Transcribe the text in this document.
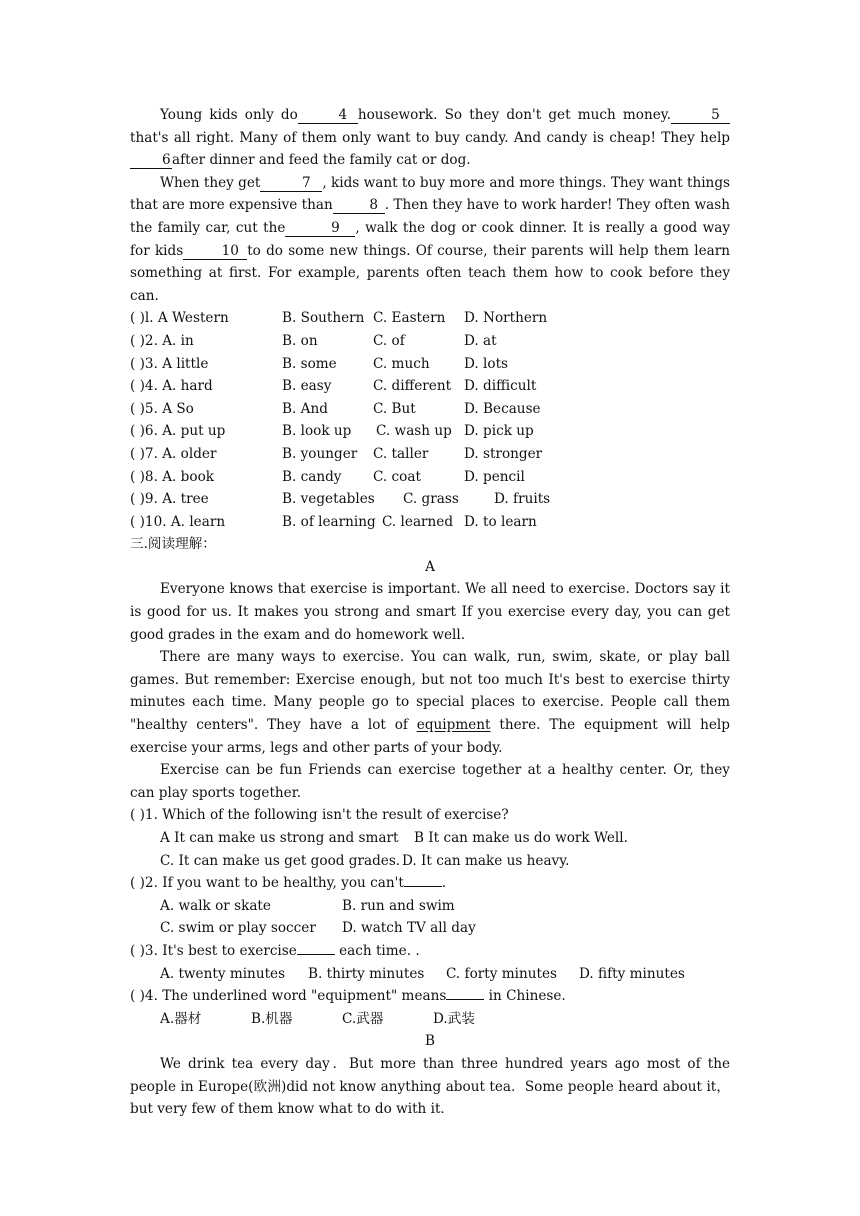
Young kids only do	4 housework. So they don't get much money.	5that's all right. Many of them only want to buy candy. And candy is cheap! They help6after dinner and feed the family cat or dog.

When they get	7 , kids want to buy more and more things. They want things that are more expensive than	8 . Then they have to work harder! They often wash the family car, cut the	9 , walk the dog or cook dinner. It is really a good way for kids	10 to do some new things. Of course, their parents will help them learn something at first. For example, parents often teach them how to cook before they can.

( )l. A Western	B. Southern C. Eastern D. Northern
( )2. A. in	B. on	C. of	D. at
( )3. A little	B. some	C. much	D. lots
( )4. A. hard	B. easy	C. different D. difficult
( )5. A So	B. And	C. But	D. Because
( )6. A. put up	B. look up C. wash up D. pick up
( )7. A. older	B. younger C. taller	D. stronger
( )8. A. book	B. candy C. coat	D. pencil
( )9. A. tree	B. vegetables C. grass	D. fruits
( )10. A. learn	B. of learning C. learned D. to learn

三.阅读理解：

A

Everyone knows that exercise is important. We all need to exercise. Doctors say it is good for us. It makes you strong and smart If you exercise every day, you can get good grades in the exam and do homework well.

There are many ways to exercise. You can walk, run, swim, skate, or play ball games. But remember: Exercise enough, but not too much It's best to exercise thirty minutes each time. Many people go to special places to exercise. People call them "healthy centers". They have a lot of equipment there. The equipment will help exercise your arms, legs and other parts of your body.

Exercise can be fun Friends can exercise together at a healthy center. Or, they can play sports together.

( )1. Which of the following isn't the result of exercise?

A It can make us strong and smart B It can make us do work Well.
C. It can make us get good grades. D. It can make us heavy.

( )2. If you want to be healthy, you can't	.

A. walk or skate	B. run and swim
C. swim or play soccer D. watch TV all day

( )3. It's best to exercise	each time. .

A. twenty minutes B. thirty minutes C. forty minutes D. fifty minutes

( )4. The underlined word "equipment" means	in Chinese.

A.器材	B.机器	C.武器	D.武装

B

We drink tea every day．But more than three hundred years ago most of the people in Europe(欧洲)did not know anything about tea．Some people heard about it，but very few of them know what to do with it．
